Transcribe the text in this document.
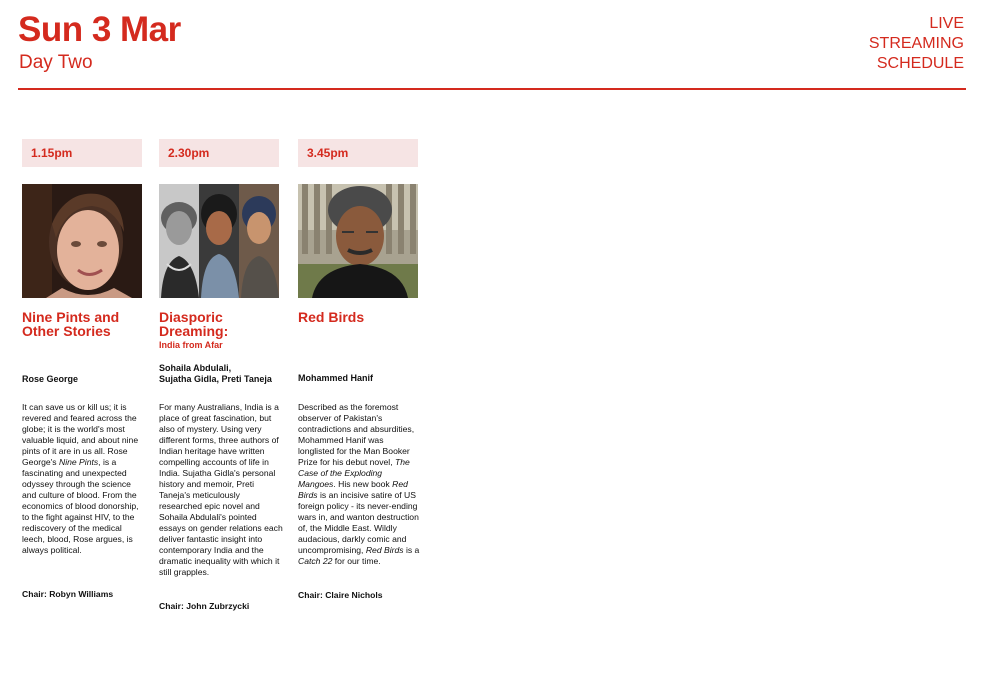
Sun 3 Mar
Day Two
LIVE
STREAMING
SCHEDULE
1.15pm
Nine Pints and
Other Stories
Rose George
It can save us or kill us; it is revered and feared across the globe; it is the world's most valuable liquid, and about nine pints of it are in us all. Rose George's Nine Pints, is a fascinating and unexpected odyssey through the science and culture of blood. From the economics of blood donorship, to the fight against HIV, to the rediscovery of the medical leech, blood, Rose argues, is always political.
Chair: Robyn Williams
2.30pm
Diasporic
Dreaming:
India from Afar
Sohaila Abdulali,
Sujatha Gidla, Preti Taneja
For many Australians, India is a place of great fascination, but also of mystery. Using very different forms, three authors of Indian heritage have written compelling accounts of life in India. Sujatha Gidla's personal history and memoir, Preti Taneja's meticulously researched epic novel and Sohaila Abdulali's pointed essays on gender relations each deliver fantastic insight into contemporary India and the dramatic inequality with which it still grapples.
Chair: John Zubrzycki
3.45pm
Red Birds
Mohammed Hanif
Described as the foremost observer of Pakistan's contradictions and absurdities, Mohammed Hanif was longlisted for the Man Booker Prize for his debut novel, The Case of the Exploding Mangoes. His new book Red Birds is an incisive satire of US foreign policy - its never-ending wars in, and wanton destruction of, the Middle East. Wildly audacious, darkly comic and uncompromising, Red Birds is a Catch 22 for our time.
Chair: Claire Nichols
